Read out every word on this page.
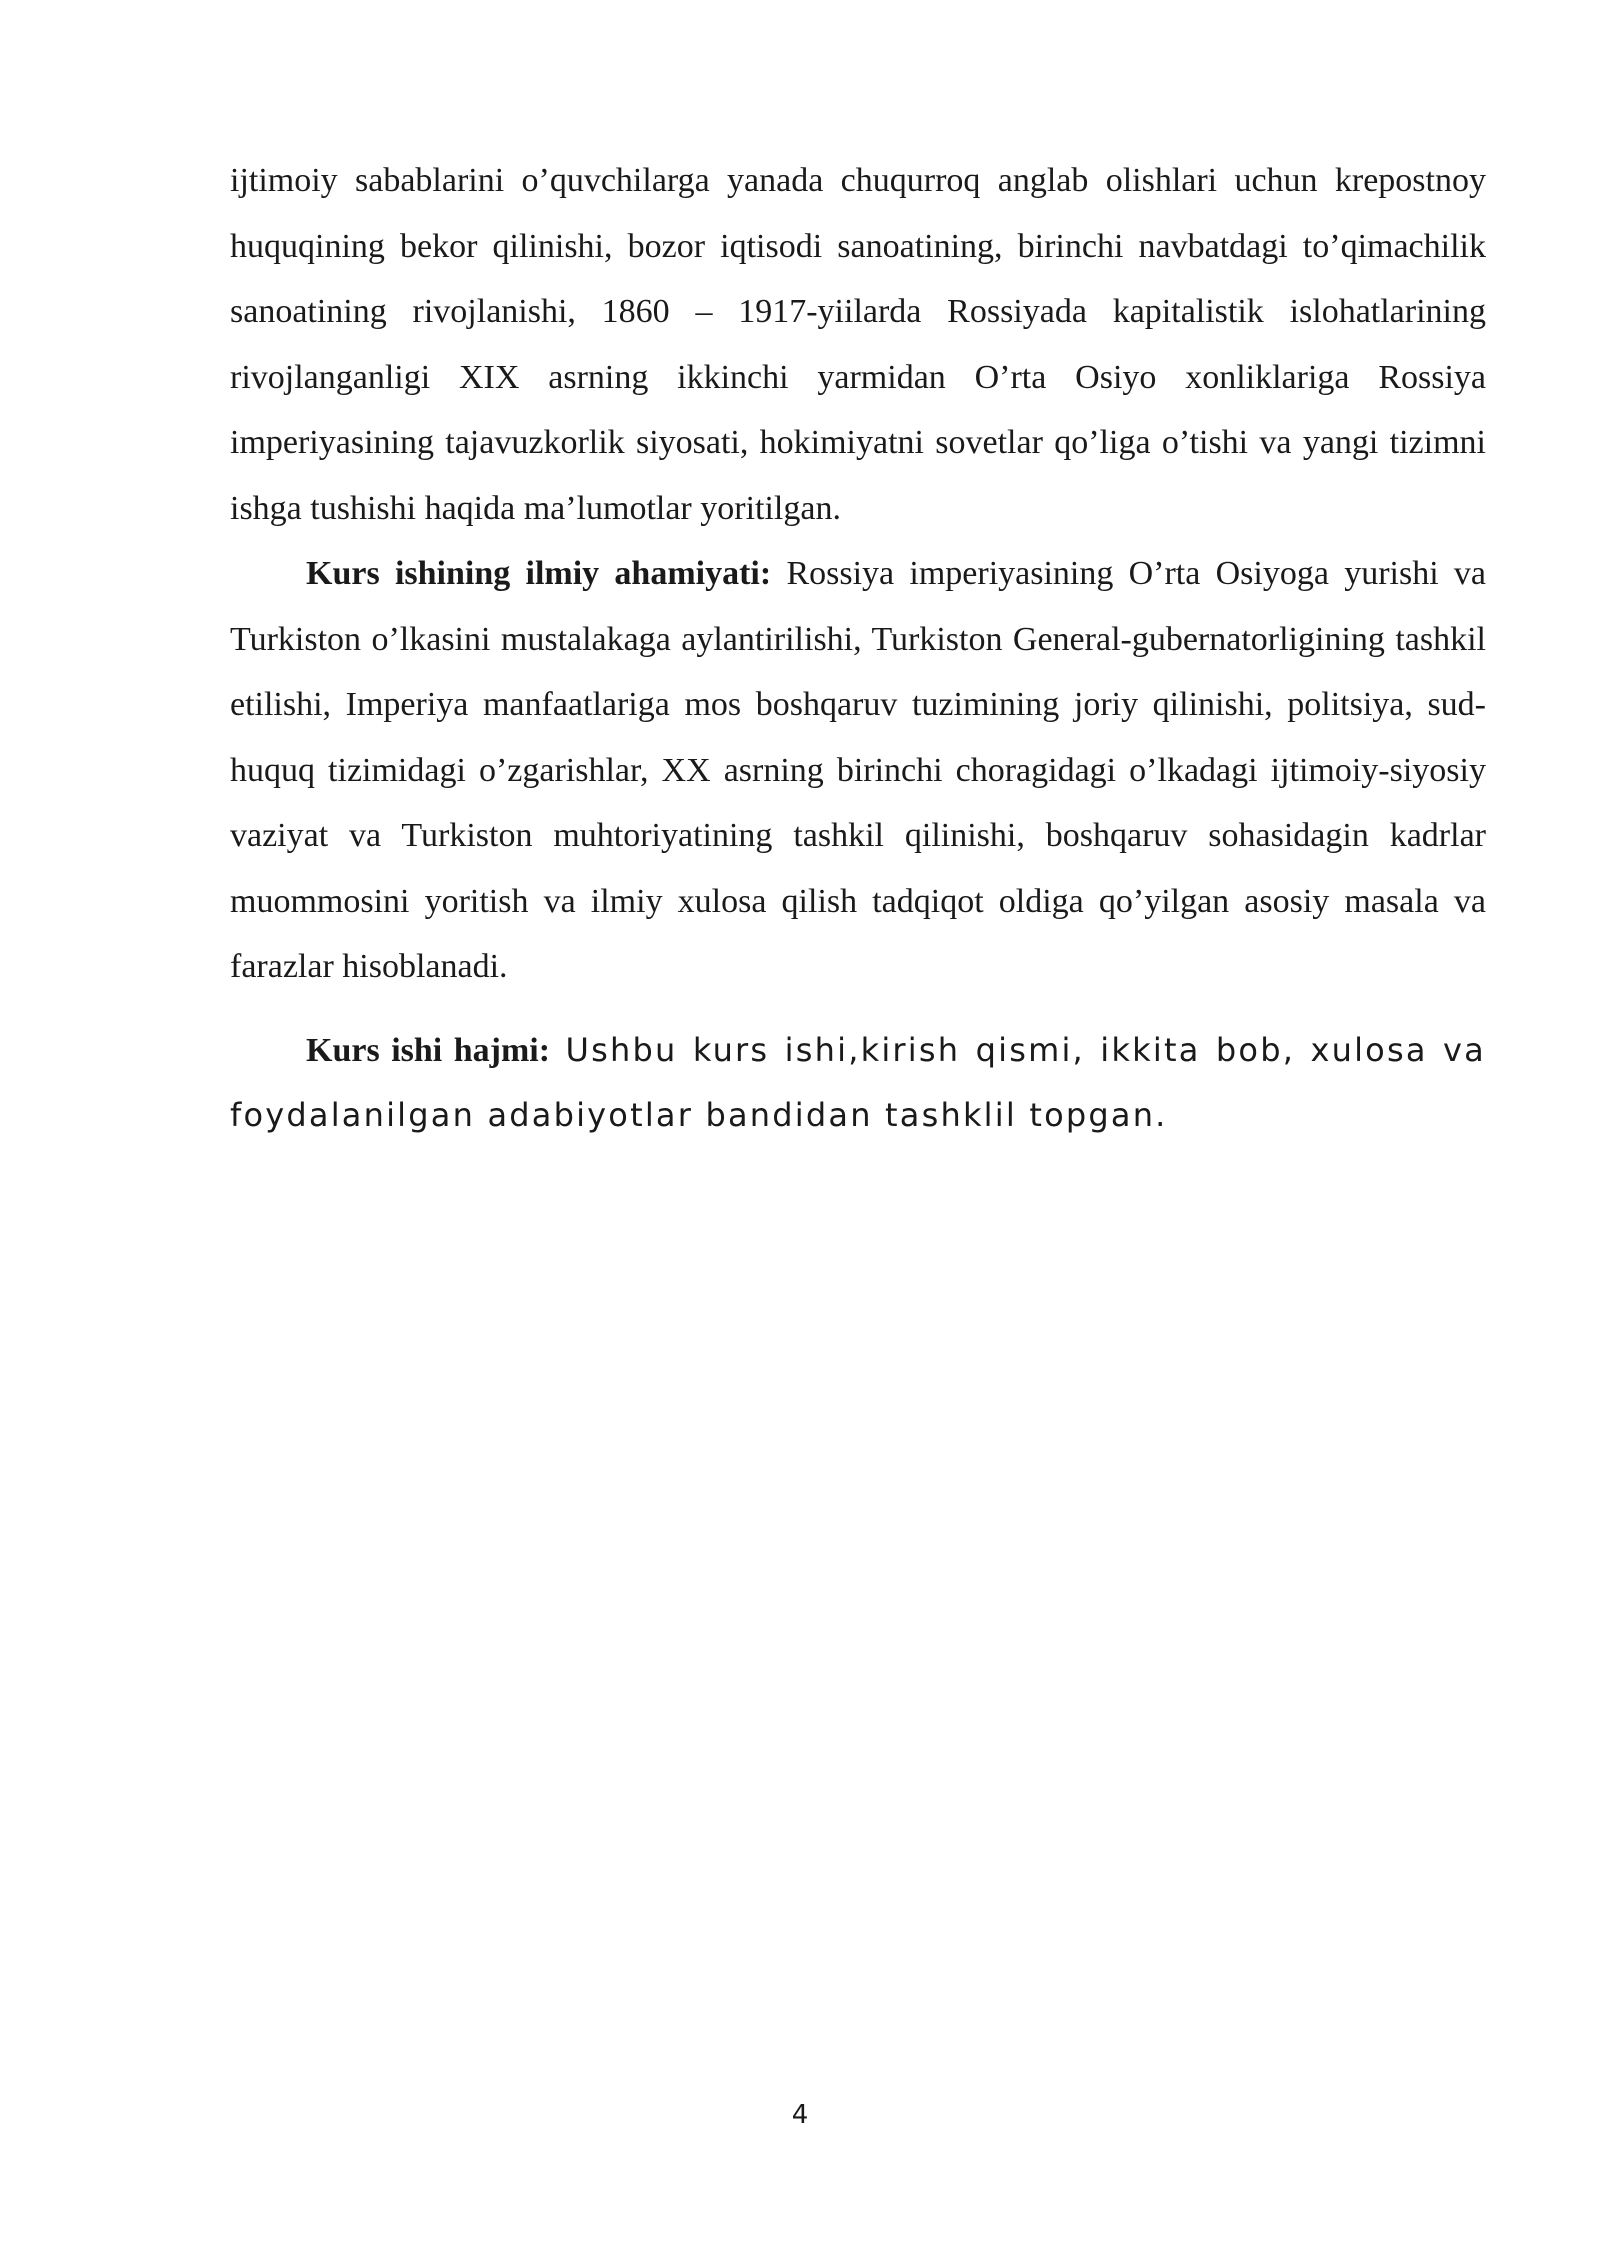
ijtimoiy sabablarini o’quvchilarga yanada chuqurroq anglab olishlari uchun krepostnoy huquqining bekor qilinishi, bozor iqtisodi sanoatining, birinchi navbatdagi to’qimachilik sanoatining rivojlanishi, 1860 – 1917-yiilarda Rossiyada kapitalistik islohatlarining rivojlanganligi XIX asrning ikkinchi yarmidan O’rta Osiyo xonliklariga Rossiya imperiyasining tajavuzkorlik siyosati, hokimiyatni sovetlar qo’liga o’tishi va yangi tizimni ishga tushishi haqida ma’lumotlar yoritilgan.

Kurs ishining ilmiy ahamiyati: Rossiya imperiyasining O’rta Osiyoga yurishi va Turkiston o’lkasini mustalakaga aylantirilishi, Turkiston General-gubernatorligining tashkil etilishi, Imperiya manfaatlariga mos boshqaruv tuzimining joriy qilinishi, politsiya, sud-huquq tizimidagi o’zgarishlar, XX asrning birinchi choragidagi o’lkadagi ijtimoiy-siyosiy vaziyat va Turkiston muhtoriyatining tashkil qilinishi, boshqaruv sohasidagin kadrlar muommosini yoritish va ilmiy xulosa qilish tadqiqot oldiga qo’yilgan asosiy masala va farazlar hisoblanadi.

Kurs ishi hajmi: Ushbu kurs ishi,kirish qismi, ikkita bob, xulosa va foydalanilgan adabiyotlar bandidan tashklil topgan.

4
